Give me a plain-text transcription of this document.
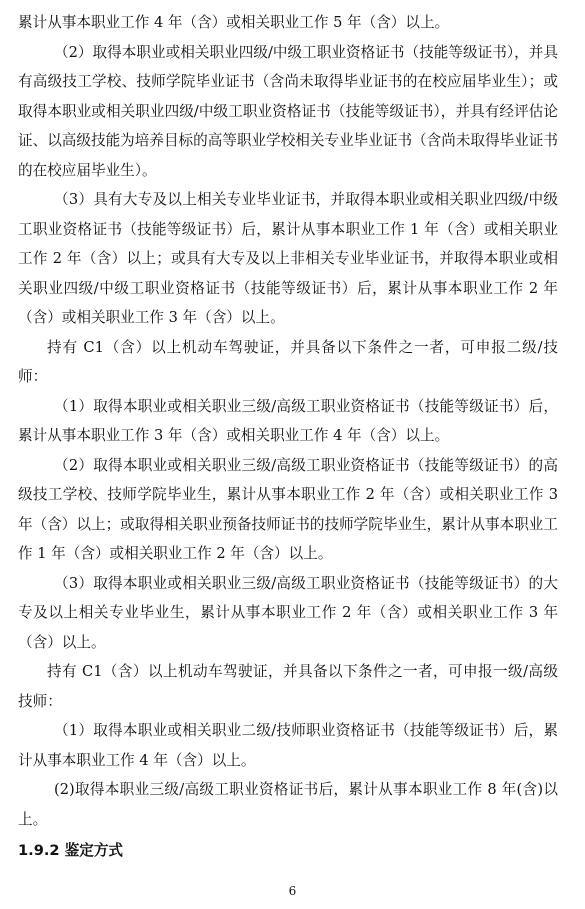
累计从事本职业工作 4 年（含）或相关职业工作 5 年（含）以上。

（2）取得本职业或相关职业四级/中级工职业资格证书（技能等级证书），并具有高级技工学校、技师学院毕业证书（含尚未取得毕业证书的在校应届毕业生）；或取得本职业或相关职业四级/中级工职业资格证书（技能等级证书），并具有经评估论证、以高级技能为培养目标的高等职业学校相关专业毕业证书（含尚未取得毕业证书的在校应届毕业生）。

（3）具有大专及以上相关专业毕业证书，并取得本职业或相关职业四级/中级工职业资格证书（技能等级证书）后，累计从事本职业工作 1 年（含）或相关职业工作 2 年（含）以上；或具有大专及以上非相关专业毕业证书，并取得本职业或相关职业四级/中级工职业资格证书（技能等级证书）后，累计从事本职业工作 2 年（含）或相关职业工作 3 年（含）以上。

持有 C1（含）以上机动车驾驶证，并具备以下条件之一者，可申报二级/技师：

（1）取得本职业或相关职业三级/高级工职业资格证书（技能等级证书）后，累计从事本职业工作 3 年（含）或相关职业工作 4 年（含）以上。

（2）取得本职业或相关职业三级/高级工职业资格证书（技能等级证书）的高级技工学校、技师学院毕业生，累计从事本职业工作 2 年（含）或相关职业工作 3 年（含）以上；或取得相关职业预备技师证书的技师学院毕业生，累计从事本职业工作 1 年（含）或相关职业工作 2 年（含）以上。

（3）取得本职业或相关职业三级/高级工职业资格证书（技能等级证书）的大专及以上相关专业毕业生，累计从事本职业工作 2 年（含）或相关职业工作 3 年（含）以上。

持有 C1（含）以上机动车驾驶证，并具备以下条件之一者，可申报一级/高级技师：

（1）取得本职业或相关职业二级/技师职业资格证书（技能等级证书）后，累计从事本职业工作 4 年（含）以上。

(2)取得本职业三级/高级工职业资格证书后，累计从事本职业工作 8 年(含)以上。

1.9.2 鉴定方式
6
